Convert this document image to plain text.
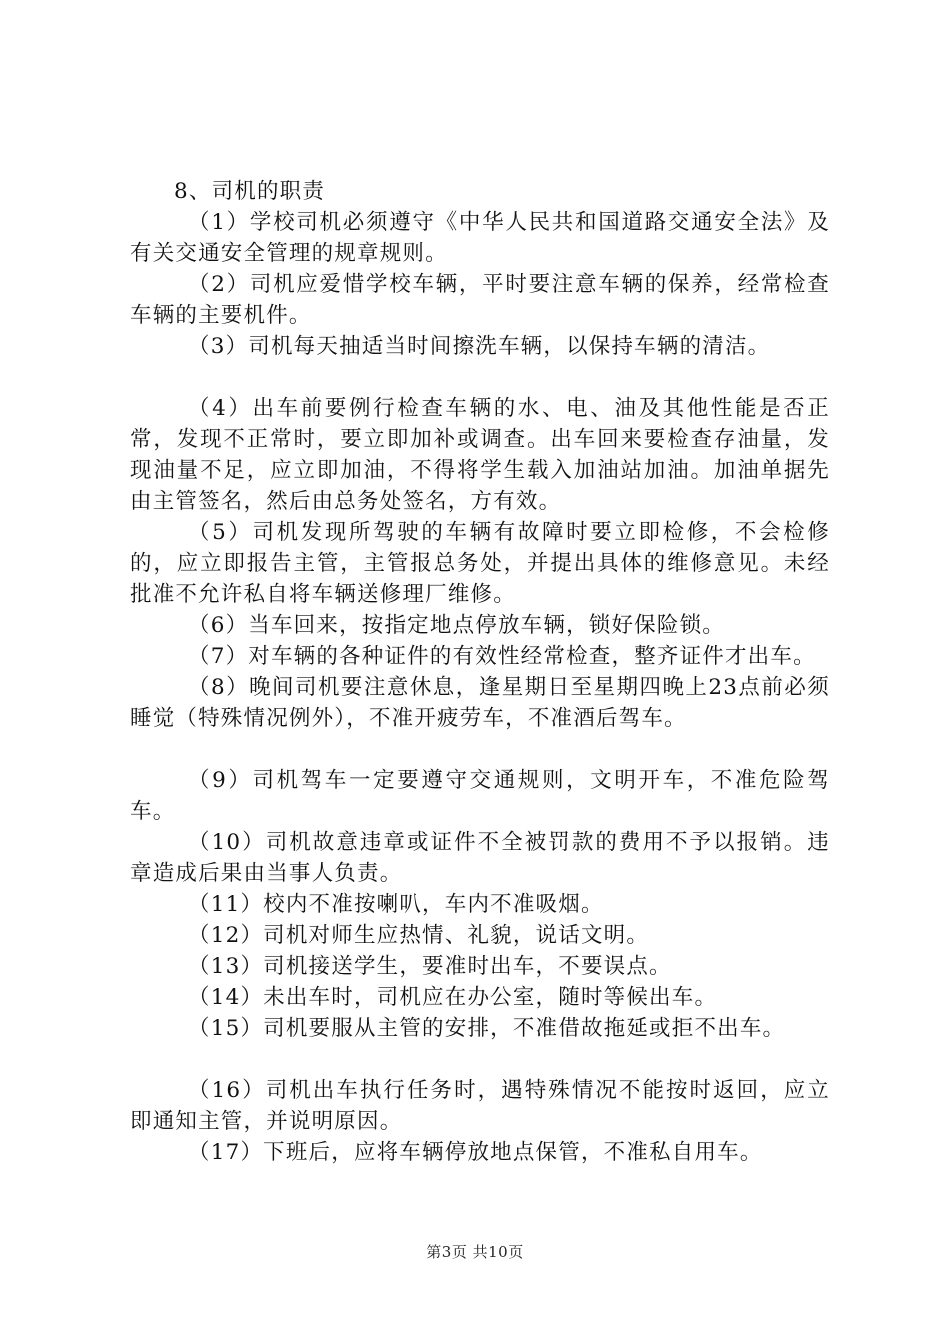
8、司机的职责

（1）学校司机必须遵守《中华人民共和国道路交通安全法》及有关交通安全管理的规章规则。

（2）司机应爱惜学校车辆，平时要注意车辆的保养，经常检查车辆的主要机件。

（3）司机每天抽适当时间擦洗车辆，以保持车辆的清洁。

（4）出车前要例行检查车辆的水、电、油及其他性能是否正常，发现不正常时，要立即加补或调查。出车回来要检查存油量，发现油量不足，应立即加油，不得将学生载入加油站加油。加油单据先由主管签名，然后由总务处签名，方有效。

（5）司机发现所驾驶的车辆有故障时要立即检修，不会检修的，应立即报告主管，主管报总务处，并提出具体的维修意见。未经批准不允许私自将车辆送修理厂维修。

（6）当车回来，按指定地点停放车辆，锁好保险锁。

（7）对车辆的各种证件的有效性经常检查，整齐证件才出车。

（8）晚间司机要注意休息，逢星期日至星期四晚上23点前必须睡觉（特殊情况例外），不准开疲劳车，不准酒后驾车。

（9）司机驾车一定要遵守交通规则，文明开车，不准危险驾车。

（10）司机故意违章或证件不全被罚款的费用不予以报销。违章造成后果由当事人负责。

（11）校内不准按喇叭，车内不准吸烟。

（12）司机对师生应热情、礼貌，说话文明。

（13）司机接送学生，要准时出车，不要误点。

（14）未出车时，司机应在办公室，随时等候出车。

（15）司机要服从主管的安排，不准借故拖延或拒不出车。

（16）司机出车执行任务时，遇特殊情况不能按时返回，应立即通知主管，并说明原因。

（17）下班后，应将车辆停放地点保管，不准私自用车。

第3页 共10页
